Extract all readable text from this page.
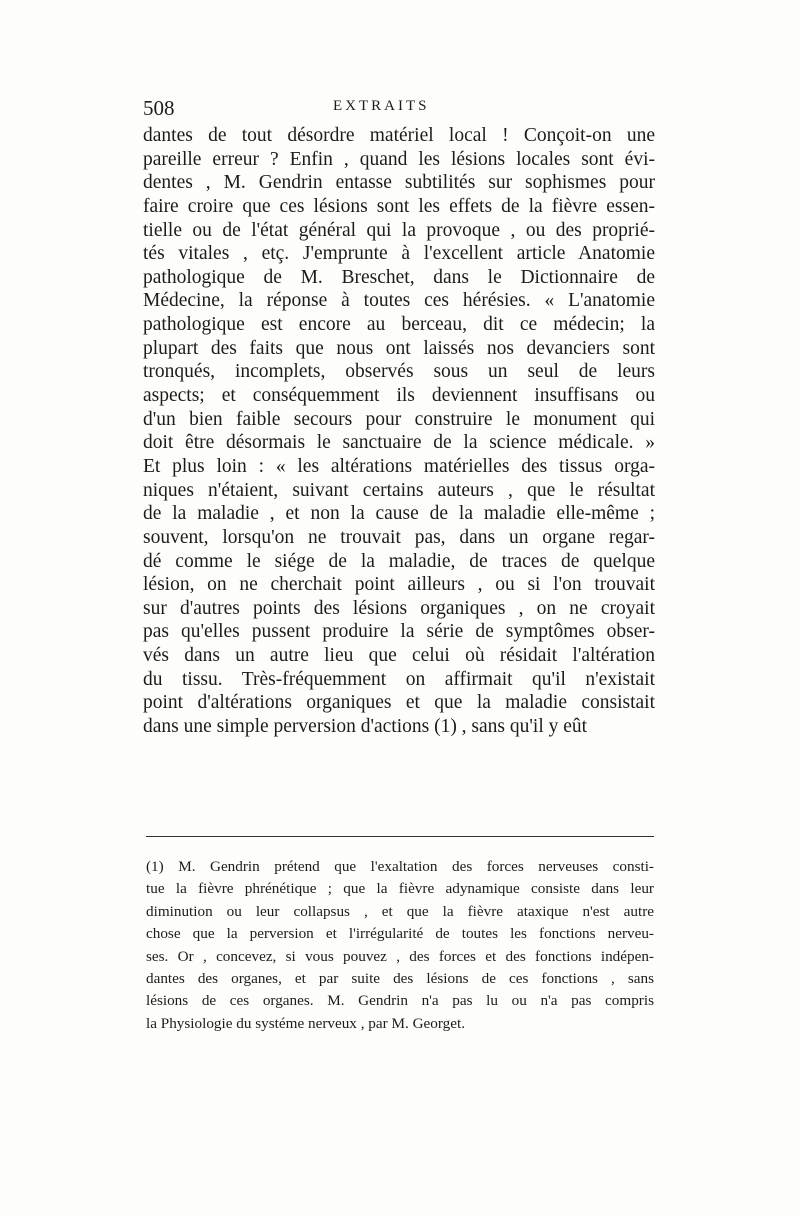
508	EXTRAITS
dantes de tout désordre matériel local ! Conçoit-on une
pareille erreur ? Enfin , quand les lésions locales sont évi-
dentes , M. Gendrin entasse subtilités sur sophismes pour
faire croire que ces lésions sont les effets de la fièvre essen-
tielle ou de l'état général qui la provoque , ou des proprié-
tés vitales , etç. J'emprunte à l'excellent article Anatomie
pathologique de M. Breschet, dans le Dictionnaire de
Médecine, la réponse à toutes ces hérésies. « L'anatomie
pathologique est encore au berceau, dit ce médecin; la
plupart des faits que nous ont laissés nos devanciers sont
tronqués, incomplets, observés sous un seul de leurs
aspects; et conséquemment ils deviennent insuffisans ou
d'un bien faible secours pour construire le monument qui
doit être désormais le sanctuaire de la science médicale. »
Et plus loin : « les altérations matérielles des tissus orga-
niques n'étaient, suivant certains auteurs , que le résultat
de la maladie , et non la cause de la maladie elle-même ;
souvent, lorsqu'on ne trouvait pas, dans un organe regar-
dé comme le siége de la maladie, de traces de quelque
lésion, on ne cherchait point ailleurs , ou si l'on trouvait
sur d'autres points des lésions organiques , on ne croyait
pas qu'elles pussent produire la série de symptômes obser-
vés dans un autre lieu que celui où résidait l'altération
du tissu. Très-fréquemment on affirmait qu'il n'existait
point d'altérations organiques et que la maladie consistait
dans une simple perversion d'actions (1) , sans qu'il y eût
(1) M. Gendrin prétend que l'exaltation des forces nerveuses consti-
tue la fièvre phrénétique ; que la fièvre adynamique consiste dans leur
diminution ou leur collapsus , et que la fièvre ataxique n'est autre
chose que la perversion et l'irrégularité de toutes les fonctions nerveu-
ses. Or , concevez, si vous pouvez , des forces et des fonctions indépen-
dantes des organes, et par suite des lésions de ces fonctions , sans
lésions de ces organes. M. Gendrin n'a pas lu ou n'a pas compris
la Physiologie du systéme nerveux , par M. Georget.
